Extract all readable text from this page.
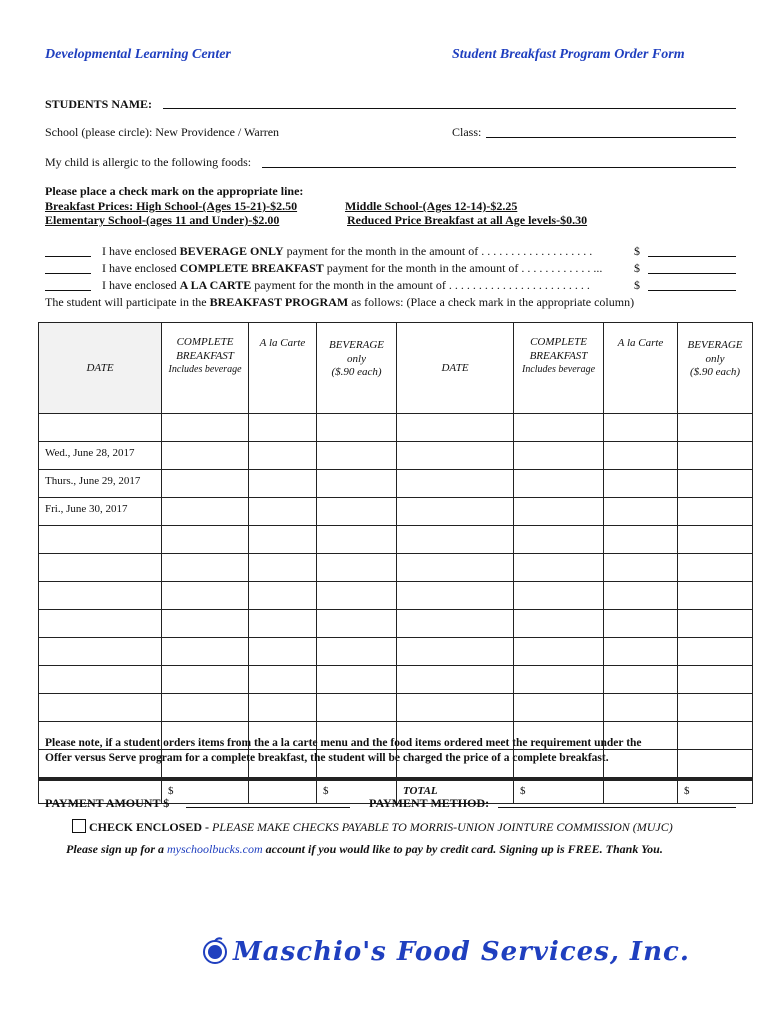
Developmental Learning Center	Student Breakfast Program Order Form
STUDENTS NAME:
School (please circle): New Providence / Warren	Class:
My child is allergic to the following foods:
Please place a check mark on the appropriate line:
Breakfast Prices: High School-(Ages 15-21)-$2.50	Middle School-(Ages 12-14)-$2.25
Elementary School-(ages 11 and Under)-$2.00	Reduced Price Breakfast at all Age levels-$0.30
I have enclosed BEVERAGE ONLY payment for the month in the amount of . . . . . . . . . . . . . . . . . . .	$
I have enclosed COMPLETE BREAKFAST payment for the month in the amount of . . . . . . . . . . . . ...	$
I have enclosed A LA CARTE payment for the month in the amount of . . . . . . . . . . . . . . . . . . . . . . . .	$
The student will participate in the BREAKFAST PROGRAM as follows: (Place a check mark in the appropriate column)
DATE	COMPLETE
BREAKFAST
Includes beverage	A la Carte	BEVERAGE
only
($.90 each)	DATE	COMPLETE
BREAKFAST
Includes beverage	A la Carte	BEVERAGE
only
($.90 each)

Wed., June 28, 2017							
Thurs., June 29, 2017							
Fri., June 30, 2017							

	$		$	TOTAL	$		$
Please note, if a student orders items from the a la carte menu and the food items ordered meet the requirement under the
Offer versus Serve program for a complete breakfast, the student will be charged the price of a complete breakfast.
PAYMENT AMOUNT $	PAYMENT METHOD:
CHECK ENCLOSED - PLEASE MAKE CHECKS PAYABLE TO MORRIS-UNION JOINTURE COMMISSION (MUJC)
Please sign up for a myschoolbucks.com account if you would like to pay by credit card. Signing up is FREE. Thank You.
Maschio's Food Services, Inc.
